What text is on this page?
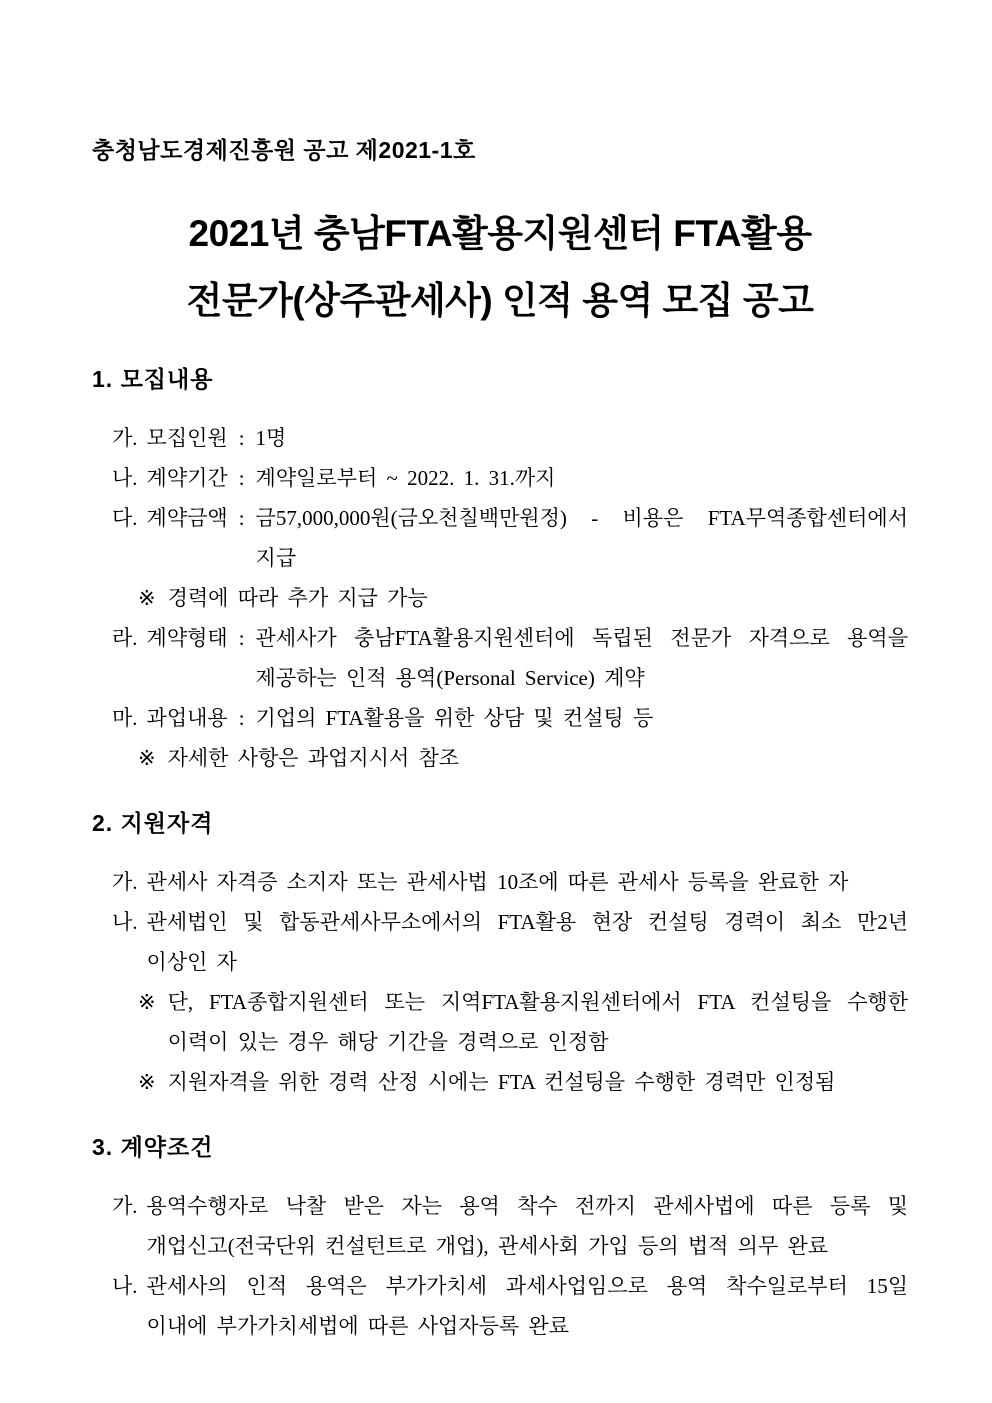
충청남도경제진흥원 공고 제2021-1호
2021년 충남FTA활용지원센터 FTA활용
전문가(상주관세사) 인적 용역 모집 공고
1. 모집내용
가. 모집인원 : 1명
나. 계약기간 : 계약일로부터 ~ 2022. 1. 31.까지
다. 계약금액 : 금57,000,000원(금오천칠백만원정) - 비용은 FTA무역종합센터에서 지급
※ 경력에 따라 추가 지급 가능
라. 계약형태 : 관세사가 충남FTA활용지원센터에 독립된 전문가 자격으로 용역을 제공하는 인적 용역(Personal Service) 계약
마. 과업내용 : 기업의 FTA활용을 위한 상담 및 컨설팅 등
※ 자세한 사항은 과업지시서 참조
2. 지원자격
가. 관세사 자격증 소지자 또는 관세사법 10조에 따른 관세사 등록을 완료한 자
나. 관세법인 및 합동관세사무소에서의 FTA활용 현장 컨설팅 경력이 최소 만2년 이상인 자
※ 단, FTA종합지원센터 또는 지역FTA활용지원센터에서 FTA 컨설팅을 수행한 이력이 있는 경우 해당 기간을 경력으로 인정함
※ 지원자격을 위한 경력 산정 시에는 FTA 컨설팅을 수행한 경력만 인정됨
3. 계약조건
가. 용역수행자로 낙찰 받은 자는 용역 착수 전까지 관세사법에 따른 등록 및 개업신고(전국단위 컨설턴트로 개업), 관세사회 가입 등의 법적 의무 완료
나. 관세사의 인적 용역은 부가가치세 과세사업임으로 용역 착수일로부터 15일 이내에 부가가치세법에 따른 사업자등록 완료
